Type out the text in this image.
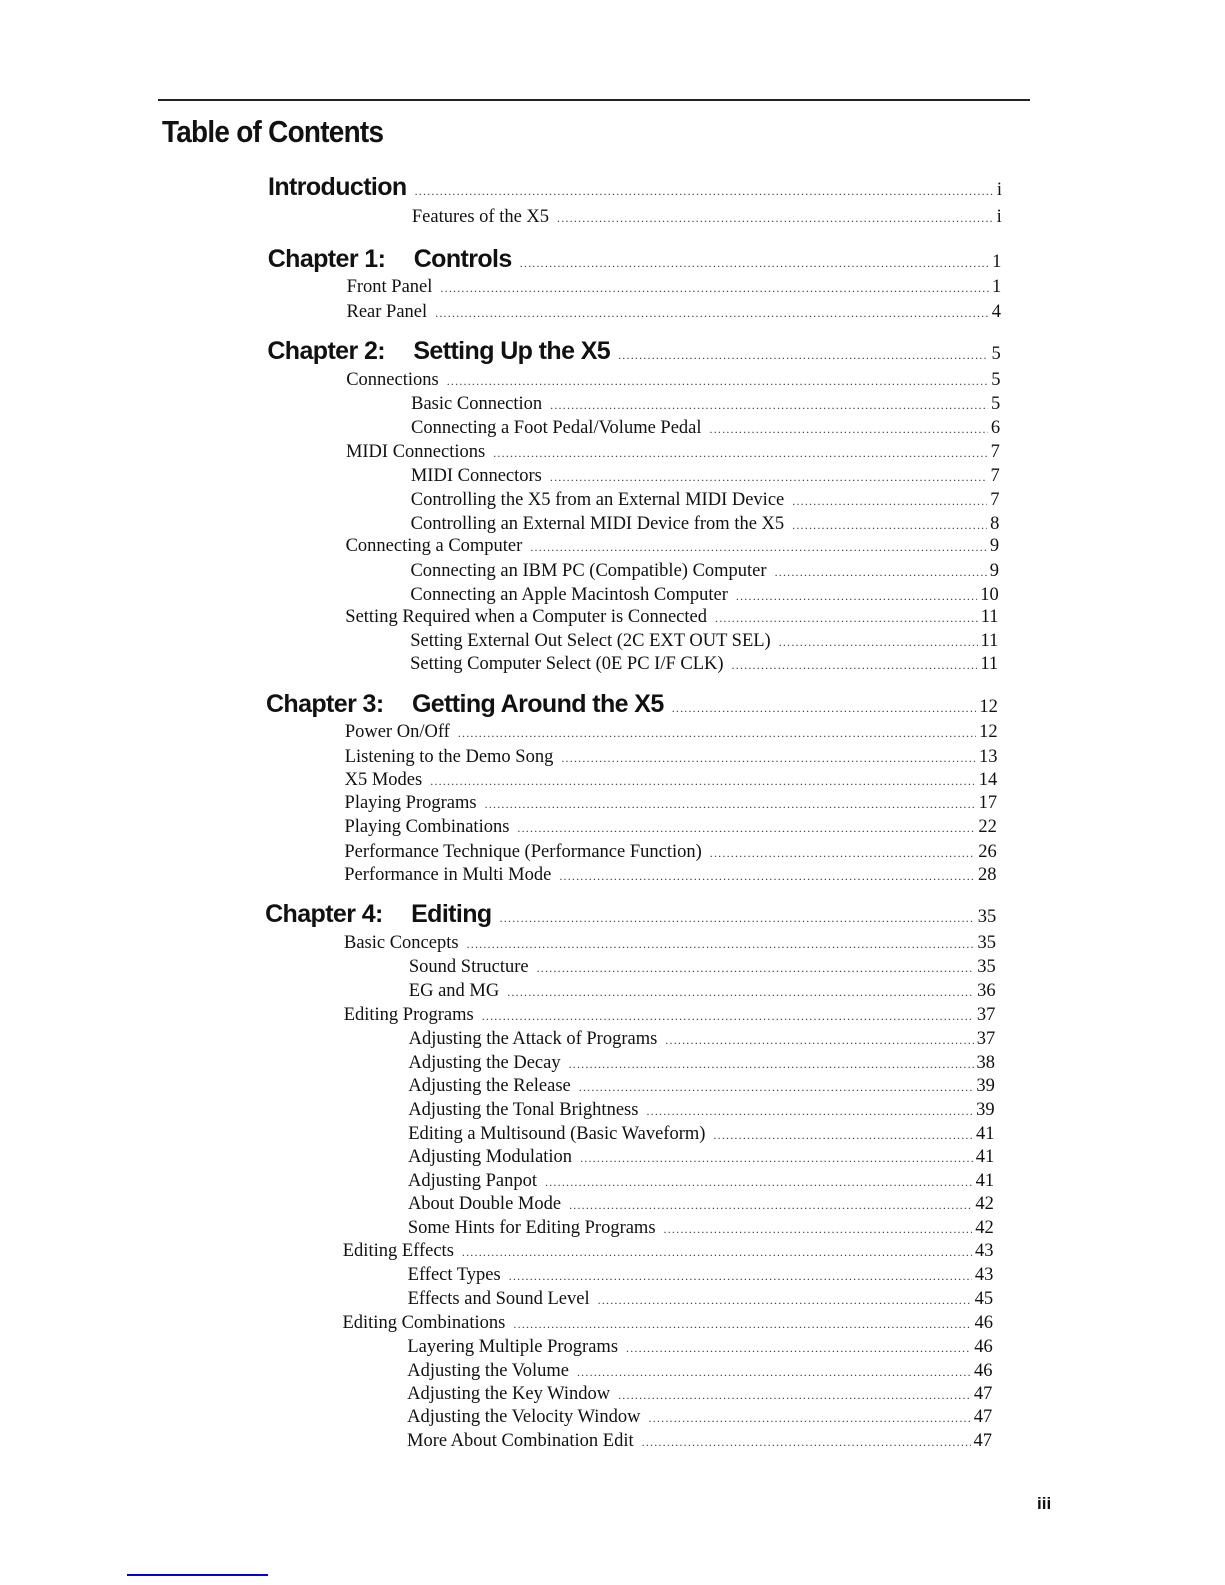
Table of Contents
Introduction .....	i
Features of the X5 .....	i
Chapter 1: Controls .....	1
Front Panel .....	1
Rear Panel .....	4
Chapter 2: Setting Up the X5 .....	5
Connections .....	5
Basic Connection .....	5
Connecting a Foot Pedal/Volume Pedal .....	6
MIDI Connections .....	7
MIDI Connectors .....	7
Controlling the X5 from an External MIDI Device .....	7
Controlling an External MIDI Device from the X5 .....	8
Connecting a Computer .....	9
Connecting an IBM PC (Compatible) Computer .....	9
Connecting an Apple Macintosh Computer .....	10
Setting Required when a Computer is Connected .....	11
Setting External Out Select (2C EXT OUT SEL) .....	11
Setting Computer Select (0E PC I/F CLK) .....	11
Chapter 3: Getting Around the X5 .....	12
Power On/Off .....	12
Listening to the Demo Song .....	13
X5 Modes .....	14
Playing Programs .....	17
Playing Combinations .....	22
Performance Technique (Performance Function) .....	26
Performance in Multi Mode .....	28
Chapter 4: Editing .....	35
Basic Concepts .....	35
Sound Structure .....	35
EG and MG .....	36
Editing Programs .....	37
Adjusting the Attack of Programs .....	37
Adjusting the Decay .....	38
Adjusting the Release .....	39
Adjusting the Tonal Brightness .....	39
Editing a Multisound (Basic Waveform) .....	41
Adjusting Modulation .....	41
Adjusting Panpot .....	41
About Double Mode .....	42
Some Hints for Editing Programs .....	42
Editing Effects .....	43
Effect Types .....	43
Effects and Sound Level .....	45
Editing Combinations .....	46
Layering Multiple Programs .....	46
Adjusting the Volume .....	46
Adjusting the Key Window .....	47
Adjusting the Velocity Window .....	47
More About Combination Edit .....	47
iii
